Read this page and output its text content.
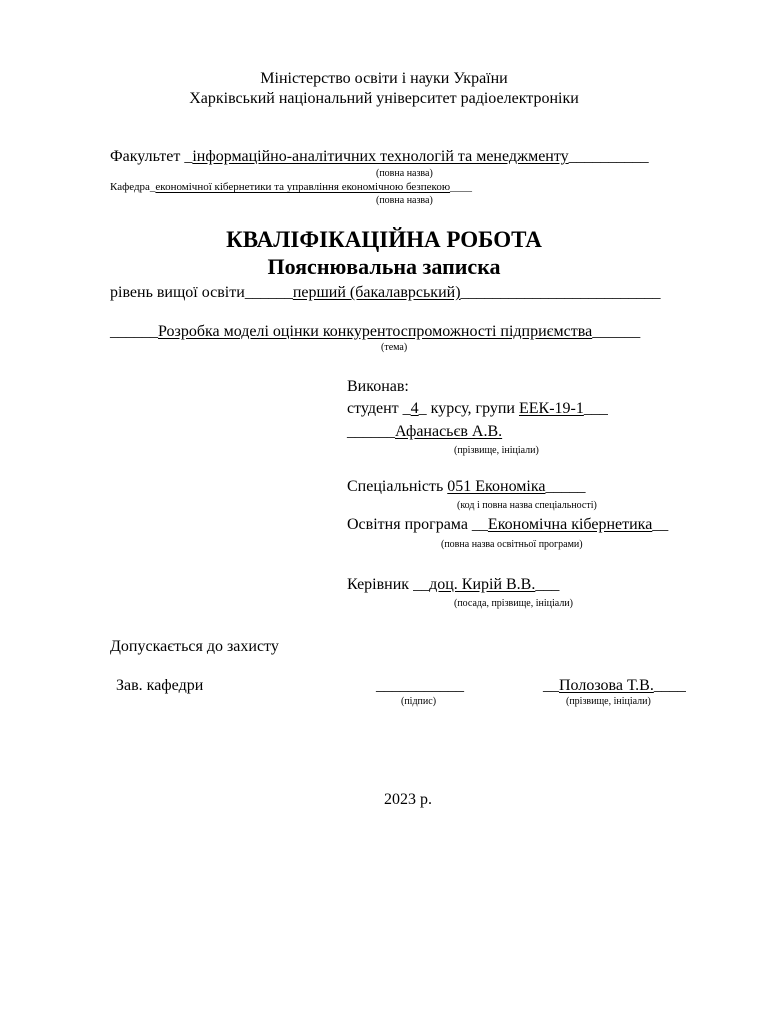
Міністерство освіти і науки України
Харківський національний університет радіоелектроніки
Факультет _інформаційно-аналітичних технологій та менеджменту__________
(повна назва)
Кафедра_економічної кібернетики та управління економічною безпекою____
(повна назва)
КВАЛІФІКАЦІЙНА РОБОТА
Пояснювальна записка
рівень вищої освіти______перший (бакалаврський)_________________________
______Розробка моделі оцінки конкурентоспроможності підприємства______
(тема)
Виконав:
студент _4_ курсу, групи ЕЕК-19-1___
______Афанасьєв А.В.
(прізвище, ініціали)
Спеціальність 051 Економіка_____
(код і повна назва спеціальності)
Освітня програма __Економічна кібернетика__
(повна назва освітньої програми)
Керівник __доц. Кирій В.В.___
(посада, прізвище, ініціали)
Допускається до захисту
Зав. кафедри	___________
(підпис)
__Полозова Т.В.____
(прізвище, ініціали)
2023 р.
